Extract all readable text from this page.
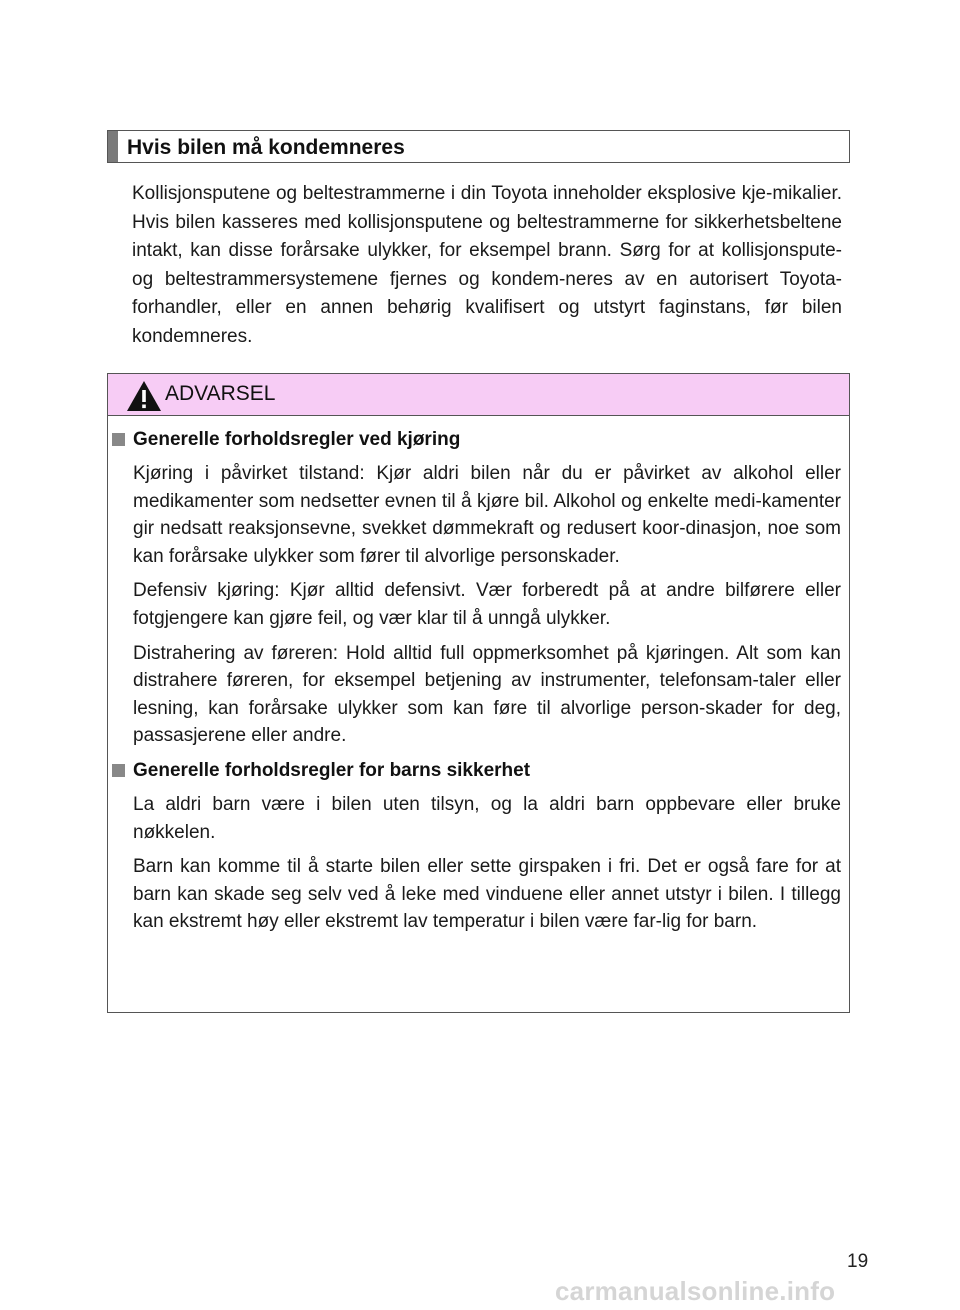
Hvis bilen må kondemneres

Kollisjonsputene og beltestrammerne i din Toyota inneholder eksplosive kje-mikalier. Hvis bilen kasseres med kollisjonsputene og beltestrammerne for sikkerhetsbeltene intakt, kan disse forårsake ulykker, for eksempel brann. Sørg for at kollisjonspute- og beltestrammersystemene fjernes og kondem-neres av en autorisert Toyota-forhandler, eller en annen behørig kvalifisert og utstyrt faginstans, før bilen kondemneres.

ADVARSEL
Generelle forholdsregler ved kjøring

Kjøring i påvirket tilstand: Kjør aldri bilen når du er påvirket av alkohol eller medikamenter som nedsetter evnen til å kjøre bil. Alkohol og enkelte medi-kamenter gir nedsatt reaksjonsevne, svekket dømmekraft og redusert koor-dinasjon, noe som kan forårsake ulykker som fører til alvorlige personskader.

Defensiv kjøring: Kjør alltid defensivt. Vær forberedt på at andre bilførere eller fotgjengere kan gjøre feil, og vær klar til å unngå ulykker.

Distrahering av føreren: Hold alltid full oppmerksomhet på kjøringen. Alt som kan distrahere føreren, for eksempel betjening av instrumenter, telefonsam-taler eller lesning, kan forårsake ulykker som kan føre til alvorlige person-skader for deg, passasjerene eller andre.

Generelle forholdsregler for barns sikkerhet

La aldri barn være i bilen uten tilsyn, og la aldri barn oppbevare eller bruke nøkkelen.

Barn kan komme til å starte bilen eller sette girspaken i fri. Det er også fare for at barn kan skade seg selv ved å leke med vinduene eller annet utstyr i bilen. I tillegg kan ekstremt høy eller ekstremt lav temperatur i bilen være far-lig for barn.

19
carmanualsonline.info
